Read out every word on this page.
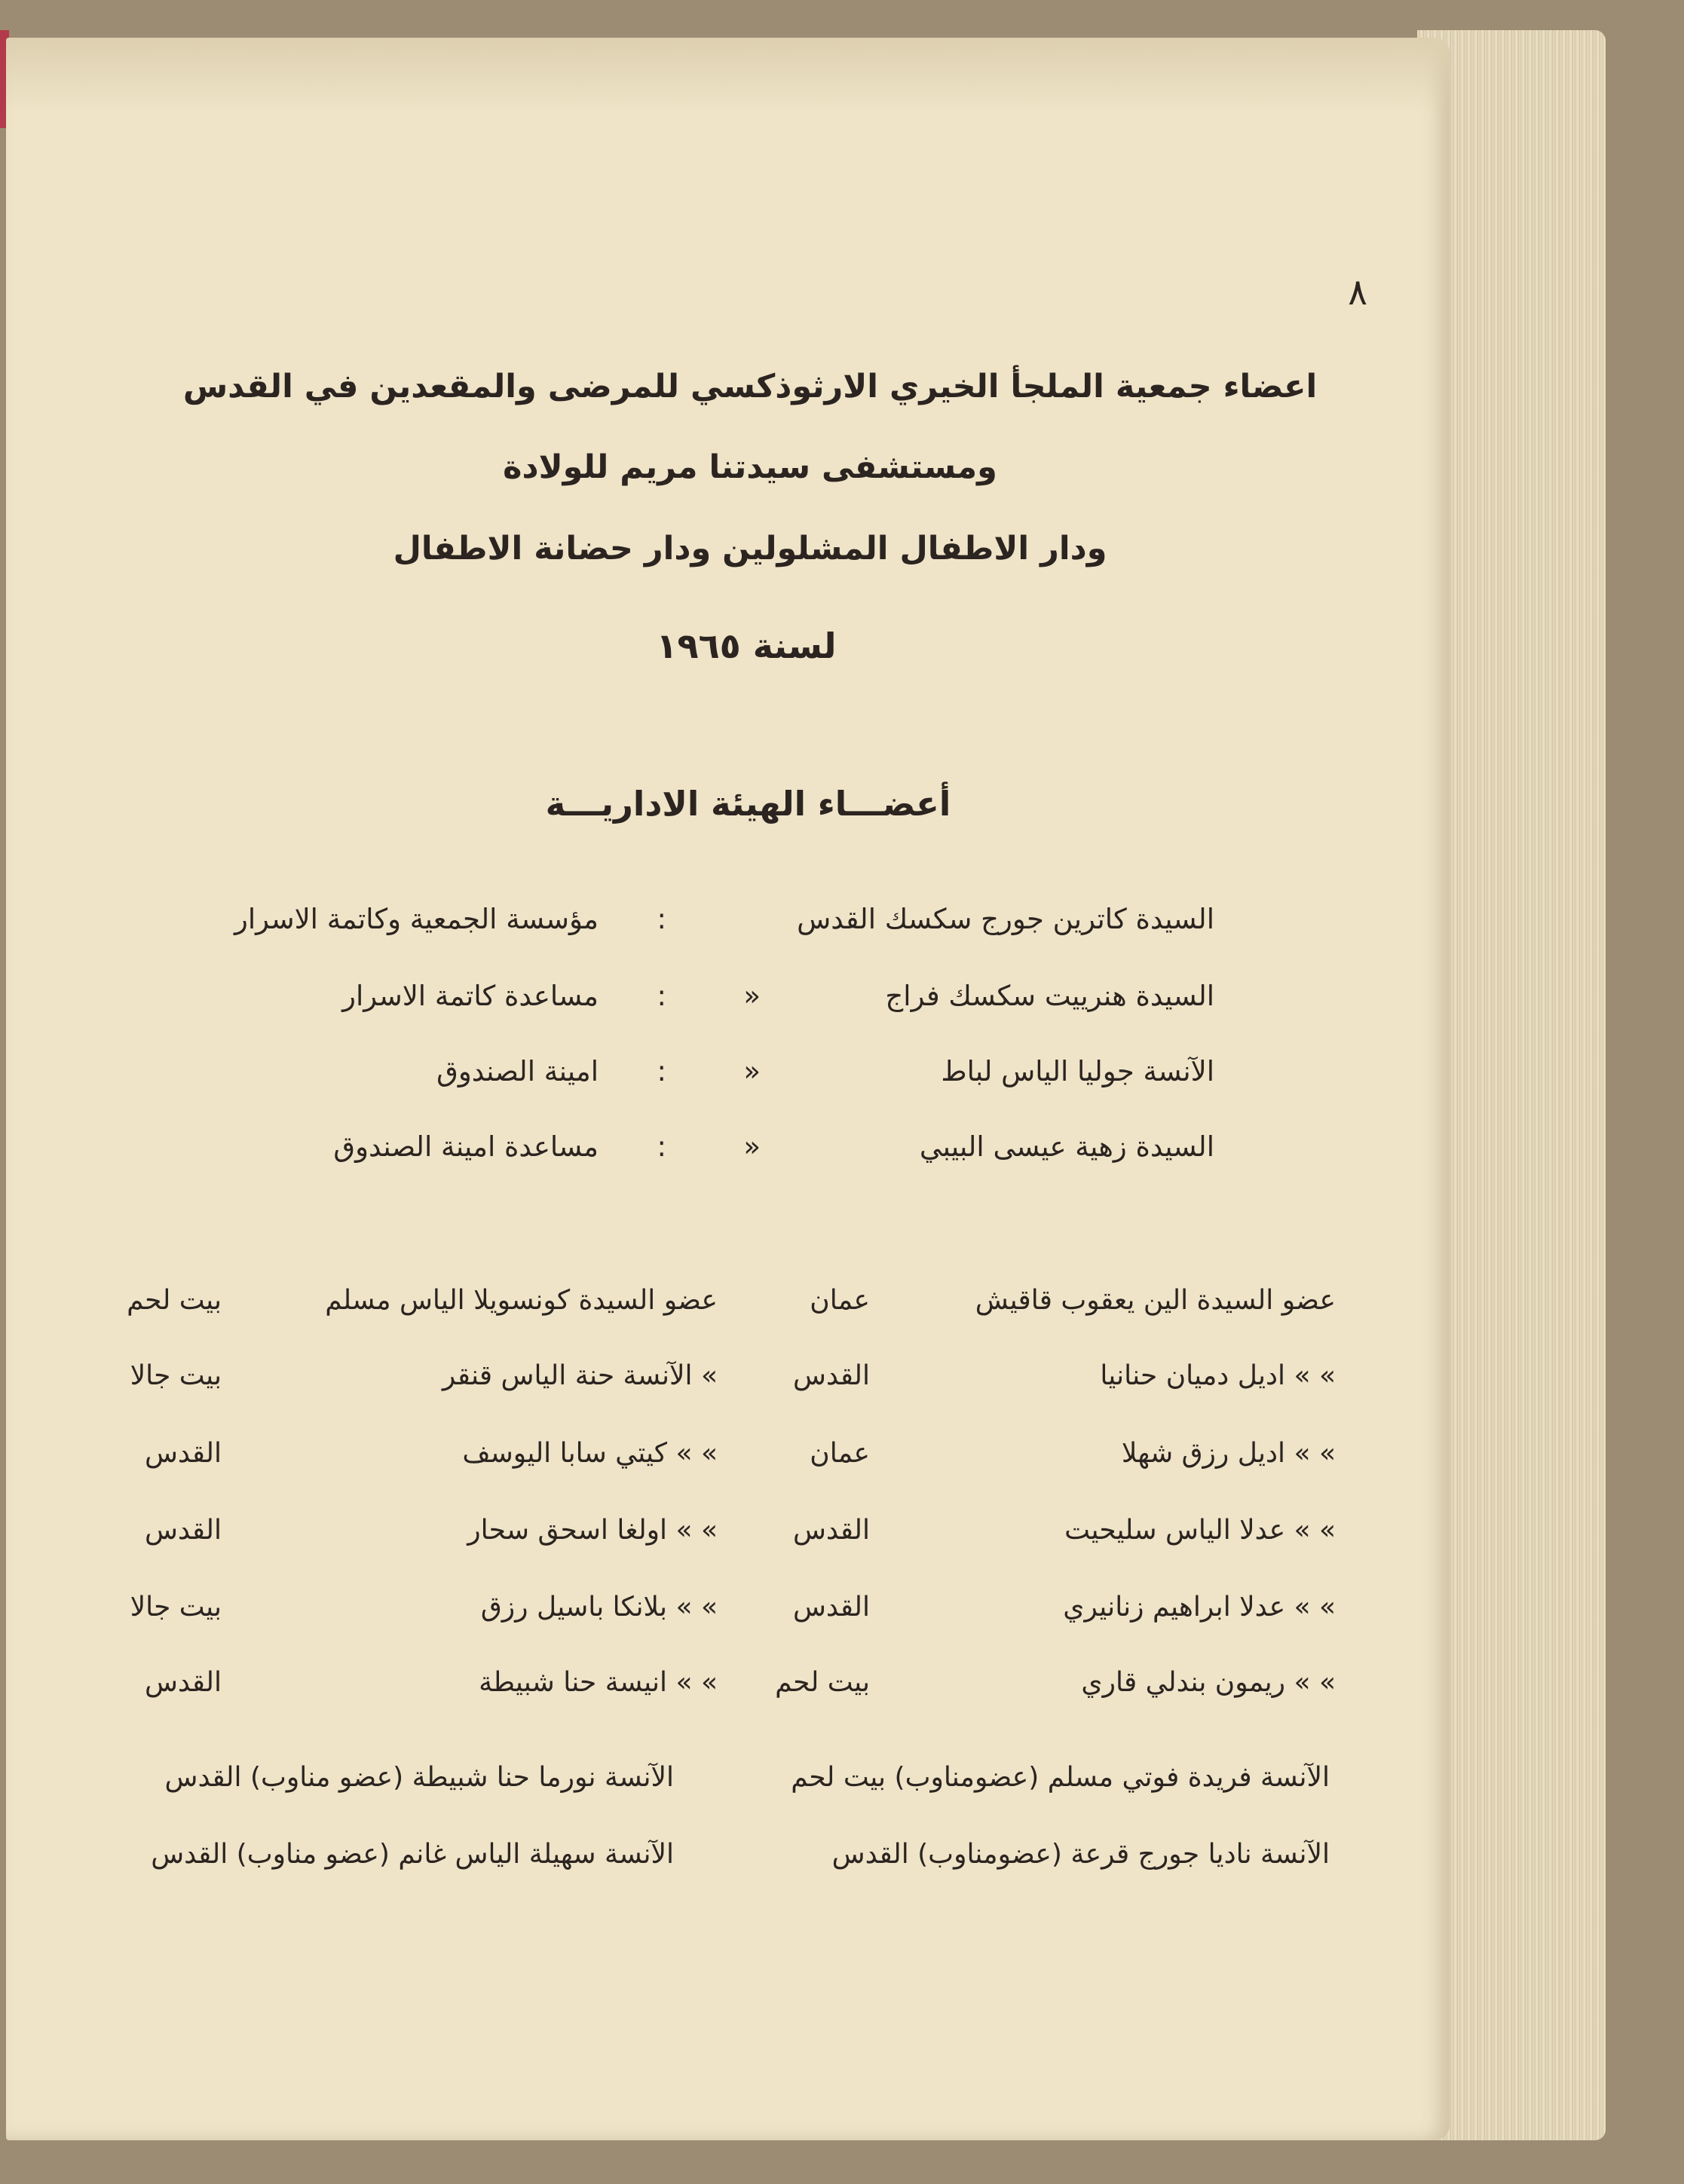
٨
اعضاء جمعية الملجأ الخيري الارثوذكسي للمرضى والمقعدين في القدس
ومستشفى سيدتنا مريم للولادة
ودار الاطفال المشلولين ودار حضانة الاطفال
لسنة ١٩٦٥
أعضـــاء الهيئة الاداريـــة
السيدة كاترين جورج سكسك القدس
:
مؤسسة الجمعية وكاتمة الاسرار
السيدة هنرييت سكسك فراج
»
:
مساعدة كاتمة الاسرار
الآنسة جوليا الياس لباط
»
:
امينة الصندوق
السيدة زهية عيسى البيبي
»
:
مساعدة امينة الصندوق
عضو السيدة الين يعقوب قاقيش
عمان
عضو السيدة كونسويلا الياس مسلم
بيت لحم
» » اديل دميان حنانيا
القدس
» الآنسة حنة الياس قنقر
بيت جالا
» » اديل رزق شهلا
عمان
» » كيتي سابا اليوسف
القدس
» » عدلا الياس سليحيت
القدس
» » اولغا اسحق سحار
القدس
» » عدلا ابراهيم زنانيري
القدس
» » بلانكا باسيل رزق
بيت جالا
» » ريمون بندلي قاري
بيت لحم
» » انيسة حنا شبيطة
القدس
الآنسة فريدة فوتي مسلم (عضومناوب) بيت لحم
الآنسة نورما حنا شبيطة (عضو مناوب) القدس
الآنسة ناديا جورج قرعة (عضومناوب) القدس
الآنسة سهيلة الياس غانم (عضو مناوب) القدس
